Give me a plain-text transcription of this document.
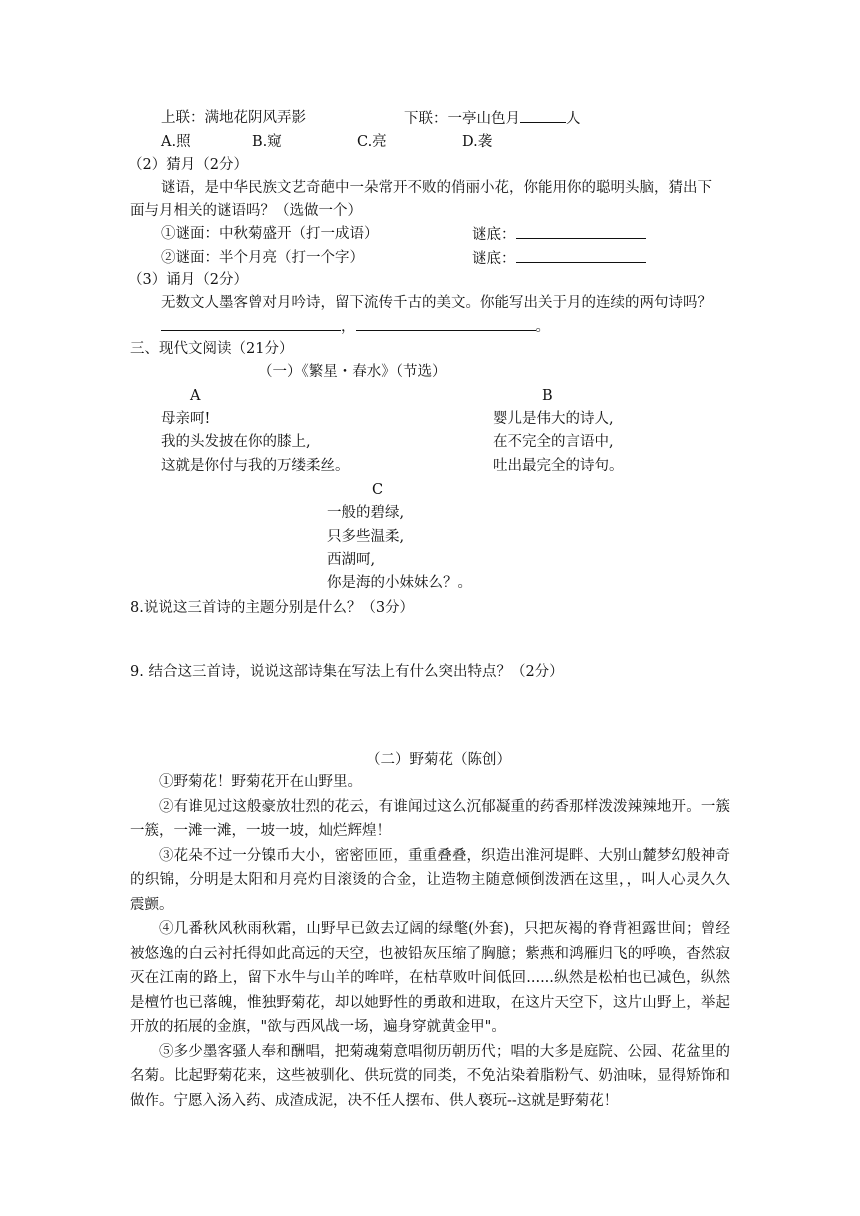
上联：满地花阴风弄影	下联：一亭山色月	人
A.照	B.窥	C.亮	D.袭
（2）猜月（2分）
谜语，是中华民族文艺奇葩中一朵常开不败的俏丽小花，你能用你的聪明头脑，猜出下
面与月相关的谜语吗？（选做一个）
①谜面：中秋菊盛开（打一成语）	谜底：
②谜面：半个月亮（打一个字）	谜底：
（3）诵月（2分）
无数文人墨客曾对月吟诗，留下流传千古的美文。你能写出关于月的连续的两句诗吗？
，	。
三、现代文阅读（21分）
（一）《繁星・春水》（节选）
A
母亲呵!
我的头发披在你的膝上,
这就是你付与我的万缕柔丝。
B
婴儿是伟大的诗人,
在不完全的言语中,
吐出最完全的诗句。
C
一般的碧绿,
只多些温柔,
西湖呵,
你是海的小妹妹么？。
8.说说这三首诗的主题分别是什么？（3分）
9. 结合这三首诗，说说这部诗集在写法上有什么突出特点？（2分）
（二）野菊花（陈创）

①野菊花！野菊花开在山野里。

②有谁见过这般豪放壮烈的花云，有谁闻过这么沉郁凝重的药香那样泼泼辣辣地开。一簇一簇，一滩一滩，一坡一坡，灿烂辉煌！

③花朵不过一分镍币大小，密密匝匝，重重叠叠，织造出淮河堤畔、大别山麓梦幻般神奇的织锦，分明是太阳和月亮灼目滚烫的合金，让造物主随意倾倒泼洒在这里，，叫人心灵久久震颤。

④几番秋风秋雨秋霜，山野早已敛去辽阔的绿氅(外套)，只把灰褐的脊背袒露世间；曾经被悠逸的白云衬托得如此高远的天空，也被铅灰压缩了胸臆；紫燕和鸿雁归飞的呼唤，杳然寂灭在江南的路上，留下水牛与山羊的哞咩，在枯草败叶间低回......纵然是松柏也已减色，纵然是檀竹也已落魄，惟独野菊花，却以她野性的勇敢和进取，在这片天空下，这片山野上，举起开放的拓展的金旗，"欲与西风战一场，遍身穿就黄金甲"。

⑤多少墨客骚人奉和酬唱，把菊魂菊意唱彻历朝历代；唱的大多是庭院、公园、花盆里的名菊。比起野菊花来，这些被驯化、供玩赏的同类，不免沾染着脂粉气、奶油味，显得矫饰和做作。宁愿入汤入药、成渣成泥，决不任人摆布、供人亵玩--这就是野菊花！
